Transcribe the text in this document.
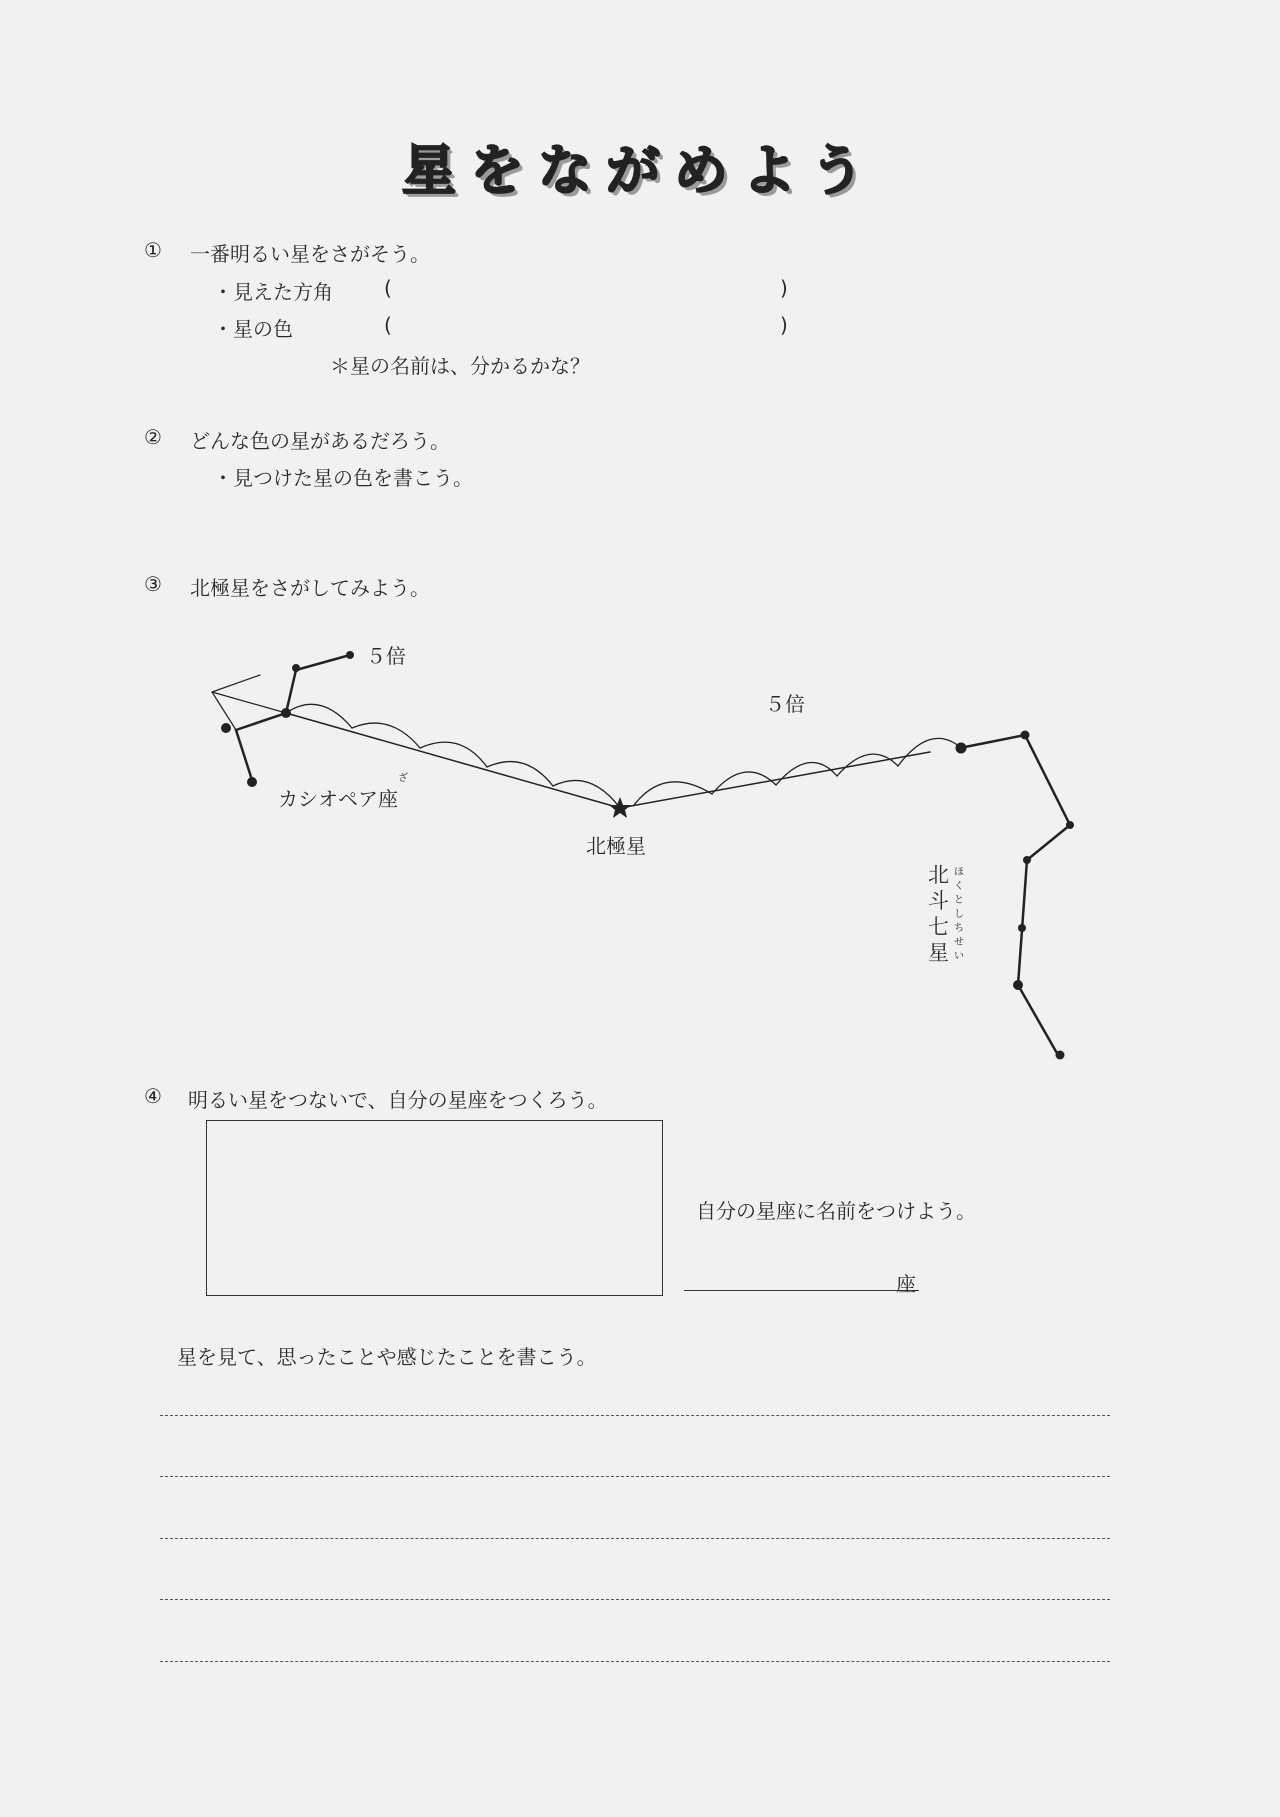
星をながめよう
① 一番明るい星をさがそう。
・見えた方角	(	)
・星の色	(	)
＊星の名前は、分かるかな？
② どんな色の星があるだろう。
・見つけた星の色を書こう。
③ 北極星をさがしてみよう。
５倍
５倍
ざ
カシオペア座
北極星
北斗七星
ほくとしちせい
④ 明るい星をつないで、自分の星座をつくろう。
自分の星座に名前をつけよう。
座
星を見て、思ったことや感じたことを書こう。
